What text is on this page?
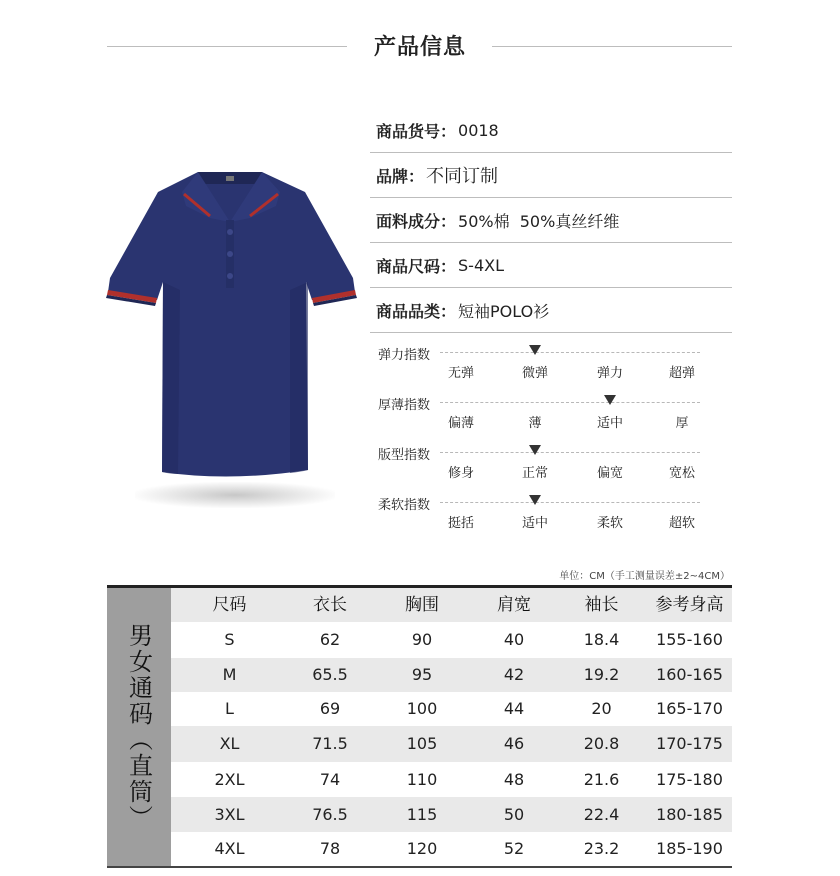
产品信息
商品货号： 0018
品牌： 不同订制
面料成分： 50%棉  50%真丝纤维
商品尺码： S-4XL
商品品类： 短袖POLO衫
弹力指数
无弹	微弹	弹力	超弹
厚薄指数
偏薄	薄	适中	厚
版型指数
修身	正常	偏宽	宽松
柔软指数
挺括	适中	柔软	超软
单位：CM（手工测量误差±2~4CM）
男女通码（直筒）
尺码	衣长	胸围	肩宽	袖长	参考身高
S	62	90	40	18.4	155-160
M	65.5	95	42	19.2	160-165
L	69	100	44	20	165-170
XL	71.5	105	46	20.8	170-175
2XL	74	110	48	21.6	175-180
3XL	76.5	115	50	22.4	180-185
4XL	78	120	52	23.2	185-190
